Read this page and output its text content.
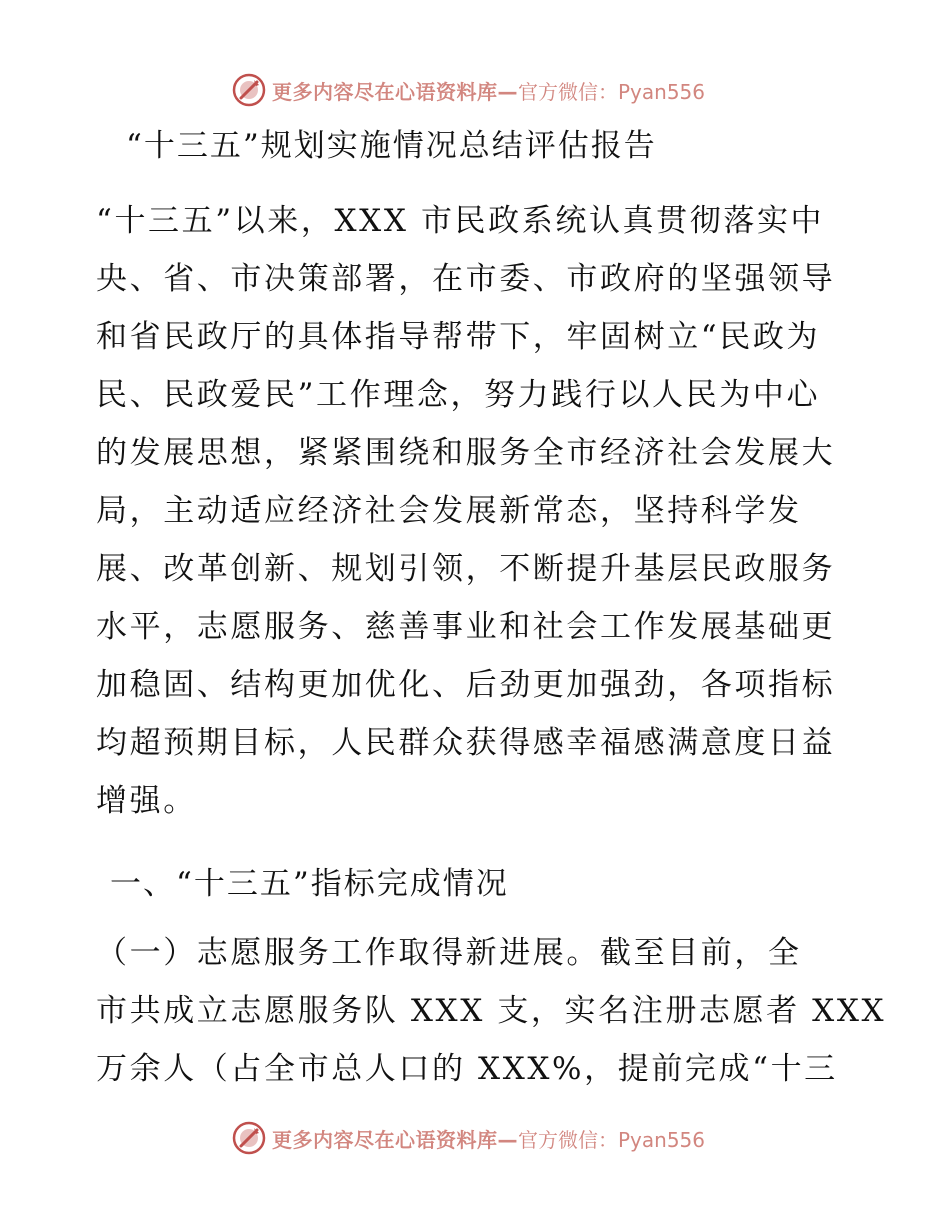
更多内容尽在心语资料库— 官方微信：Pyan556
“十三五”规划实施情况总结评估报告

“十三五”以来，XXX 市民政系统认真贯彻落实中
央、省、市决策部署，在市委、市政府的坚强领导
和省民政厅的具体指导帮带下，牢固树立“民政为
民、民政爱民”工作理念，努力践行以人民为中心
的发展思想，紧紧围绕和服务全市经济社会发展大
局，主动适应经济社会发展新常态，坚持科学发
展、改革创新、规划引领，不断提升基层民政服务
水平，志愿服务、慈善事业和社会工作发展基础更
加稳固、结构更加优化、后劲更加强劲，各项指标
均超预期目标，人民群众获得感幸福感满意度日益
增强。

一、“十三五”指标完成情况

（一）志愿服务工作取得新进展。截至目前，全
市共成立志愿服务队 XXX 支，实名注册志愿者 XXX
万余人（占全市总人口的 XXX%，提前完成“十三

更多内容尽在心语资料库— 官方微信：Pyan556
